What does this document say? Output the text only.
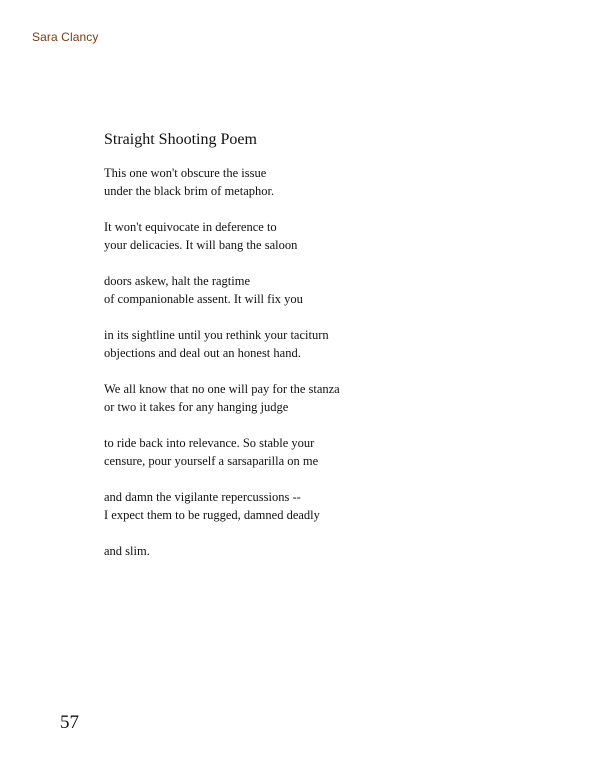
Sara Clancy
Straight Shooting Poem
This one won't obscure the issue
under the black brim of metaphor.
It won't equivocate in deference to
your delicacies. It will bang the saloon
doors askew, halt the ragtime
of companionable assent. It will fix you
in its sightline until you rethink your taciturn
objections and deal out an honest hand.
We all know that no one will pay for the stanza
or two it takes for any hanging judge
to ride back into relevance. So stable your
censure, pour yourself a sarsaparilla on me
and damn the vigilante repercussions --
I expect them to be rugged, damned deadly
and slim.
57
